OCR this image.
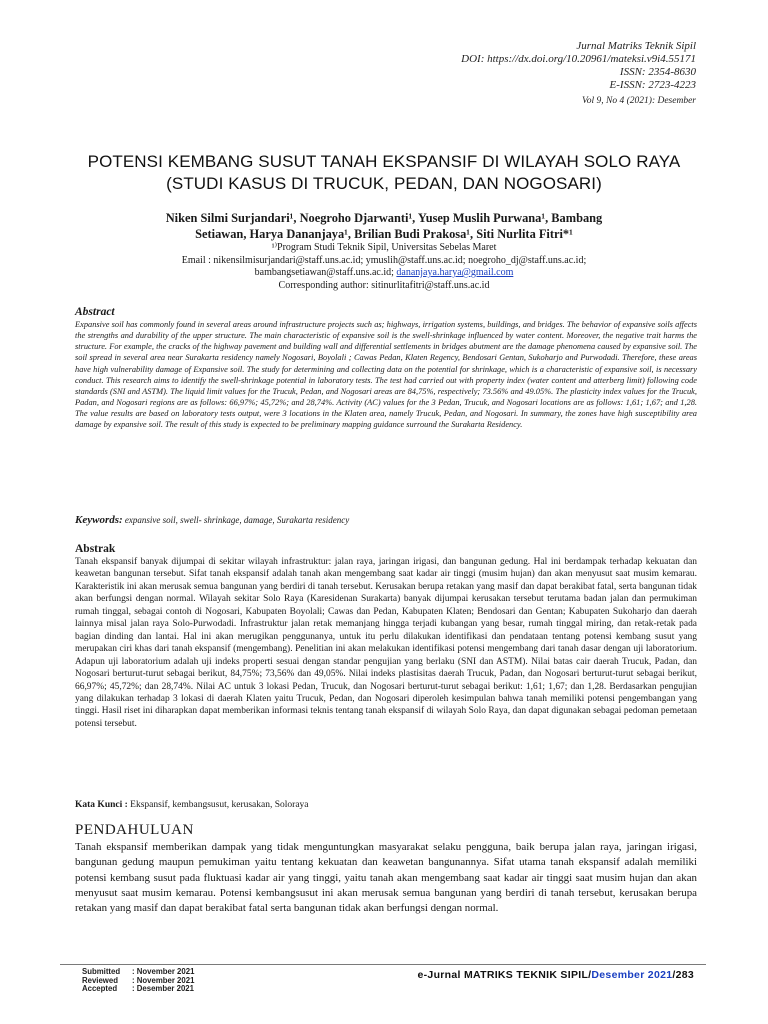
Jurnal Matriks Teknik Sipil
DOI: https://dx.doi.org/10.20961/mateksi.v9i4.55171
ISSN: 2354-8630
E-ISSN: 2723-4223
Vol 9, No 4 (2021): Desember
POTENSI KEMBANG SUSUT TANAH EKSPANSIF DI WILAYAH SOLO RAYA
(STUDI KASUS DI TRUCUK, PEDAN, DAN NOGOSARI)
Niken Silmi Surjandari¹, Noegroho Djarwanti¹, Yusep Muslih Purwana¹, Bambang
Setiawan, Harya Dananjaya¹, Brilian Budi Prakosa¹, Siti Nurlita Fitri*¹
¹⁾Program Studi Teknik Sipil, Universitas Sebelas Maret
Email : nikensilmisurjandari@staff.uns.ac.id; ymuslih@staff.uns.ac.id; noegroho_dj@staff.uns.ac.id;
bambangsetiawan@staff.uns.ac.id; dananjaya.harya@gmail.com
Corresponding author: sitinurlitafitri@staff.uns.ac.id
Abstract

Expansive soil has commonly found in several areas around infrastructure projects such as; highways, irrigation systems, buildings, and bridges. The behavior of expansive soils affects the strengths and durability of the upper structure. The main characteristic of expansive soil is the swell-shrinkage influenced by water content. Moreover, the negative trait harms the structure. For example, the cracks of the highway pavement and building wall and differential settlements in bridges abutment are the damage phenomena caused by expansive soil. The soil spread in several area near Surakarta residency namely Nogosari, Boyolali ; Cawas Pedan, Klaten Regency, Bendosari Gentan, Sukoharjo and Purwodadi. Therefore, these areas have high vulnerability damage of Expansive soil. The study for determining and collecting data on the potential for shrinkage, which is a characteristic of expansive soil, is necessary conduct. This research aims to identify the swell-shrinkage potential in laboratory tests. The test had carried out with property index (water content and atterberg limit) following code standards (SNI and ASTM). The liquid limit values for the Trucuk, Pedan, and Nogosari areas are 84,75%, respectively; 73.56% and 49.05%. The plasticity index values for the Trucuk, Padan, and Nogosari regions are as follows: 66,97%; 45,72%; and 28,74%. Activity (AC) values for the 3 Pedan, Trucuk, and Nogosari locations are as follows: 1,61; 1,67; and 1,28. The value results are based on laboratory tests output, were 3 locations in the Klaten area, namely Trucuk, Pedan, and Nogosari. In summary, the zones have high susceptibility area damage by expansive soil. The result of this study is expected to be preliminary mapping guidance surround the Surakarta Residency.

Keywords: expansive soil, swell- shrinkage, damage, Surakarta residency
Abstrak

Tanah ekspansif banyak dijumpai di sekitar wilayah infrastruktur: jalan raya, jaringan irigasi, dan bangunan gedung. Hal ini berdampak terhadap kekuatan dan keawetan bangunan tersebut. Sifat tanah ekspansif adalah tanah akan mengembang saat kadar air tinggi (musim hujan) dan akan menyusut saat musim kemarau. Karakteristik ini akan merusak semua bangunan yang berdiri di tanah tersebut. Kerusakan berupa retakan yang masif dan dapat berakibat fatal, serta bangunan tidak akan berfungsi dengan normal. Wilayah sekitar Solo Raya (Karesidenan Surakarta) banyak dijumpai kerusakan tersebut terutama badan jalan dan permukiman rumah tinggal, sebagai contoh di Nogosari, Kabupaten Boyolali; Cawas dan Pedan, Kabupaten Klaten; Bendosari dan Gentan; Kabupaten Sukoharjo dan daerah lainnya misal jalan raya Solo-Purwodadi. Infrastruktur jalan retak memanjang hingga terjadi kubangan yang besar, rumah tinggal miring, dan retak-retak pada bagian dinding dan lantai. Hal ini akan merugikan penggunanya, untuk itu perlu dilakukan identifikasi dan pendataan tentang potensi kembang susut yang merupakan ciri khas dari tanah ekspansif (mengembang). Penelitian ini akan melakukan identifikasi potensi mengembang dari tanah dasar dengan uji laboratorium. Adapun uji laboratorium adalah uji indeks properti sesuai dengan standar pengujian yang berlaku (SNI dan ASTM). Nilai batas cair daerah Trucuk, Padan, dan Nogosari berturut-turut sebagai berikut, 84,75%; 73,56% dan 49,05%. Nilai indeks plastisitas daerah Trucuk, Padan, dan Nogosari berturut-turut sebagai berikut, 66,97%; 45,72%; dan 28,74%. Nilai AC untuk 3 lokasi Pedan, Trucuk, dan Nogosari berturut-turut sebagai berikut: 1,61; 1,67; dan 1,28. Berdasarkan pengujian yang dilakukan terhadap 3 lokasi di daerah Klaten yaitu Trucuk, Pedan, dan Nogosari diperoleh kesimpulan bahwa tanah memiliki potensi pengembangan yang tinggi. Hasil riset ini diharapkan dapat memberikan informasi teknis tentang tanah ekspansif di wilayah Solo Raya, dan dapat digunakan sebagai pedoman pemetaan potensi tersebut.

Kata Kunci : Ekspansif, kembangsusut, kerusakan, Soloraya
PENDAHULUAN

Tanah ekspansif memberikan dampak yang tidak menguntungkan masyarakat selaku pengguna, baik berupa jalan raya, jaringan irigasi, bangunan gedung maupun pemukiman yaitu tentang kekuatan dan keawetan bangunannya. Sifat utama tanah ekspansif adalah memiliki potensi kembang susut pada fluktuasi kadar air yang tinggi, yaitu tanah akan mengembang saat kadar air tinggi saat musim hujan dan akan menyusut saat musim kemarau. Potensi kembangsusut ini akan merusak semua bangunan yang berdiri di tanah tersebut, kerusakan berupa retakan yang masif dan dapat berakibat fatal serta bangunan tidak akan berfungsi dengan normal.

Submitted	: November 2021
Reviewed	: November 2021
Accepted	: Desember 2021
e-Jurnal MATRIKS TEKNIK SIPIL/Desember 2021/283
